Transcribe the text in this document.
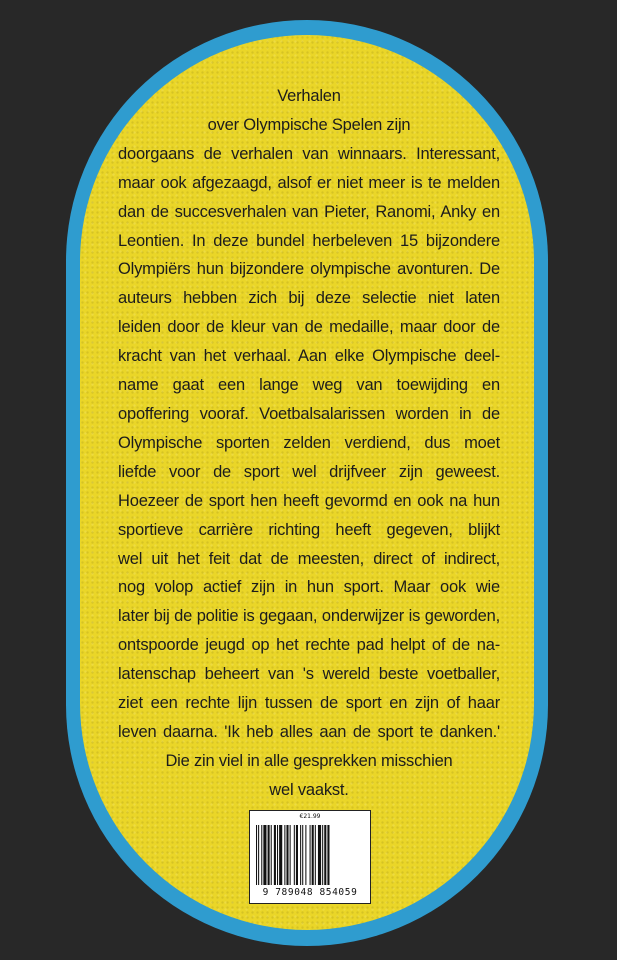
Verhalen
over Olympische Spelen zijn
doorgaans de verhalen van winnaars. Interessant,
maar ook afgezaagd, alsof er niet meer is te melden
dan de succesverhalen van Pieter, Ranomi, Anky en
Leontien. In deze bundel herbeleven 15 bijzondere
Olympiërs hun bijzondere olympische avonturen. De
auteurs hebben zich bij deze selectie niet laten
leiden door de kleur van de medaille, maar door de
kracht van het verhaal. Aan elke Olympische deel-
name gaat een lange weg van toewijding en
opoffering vooraf. Voetbalsalarissen worden in de
Olympische sporten zelden verdiend, dus moet
liefde voor de sport wel drijfveer zijn geweest.
Hoezeer de sport hen heeft gevormd en ook na hun
sportieve carrière richting heeft gegeven, blijkt
wel uit het feit dat de meesten, direct of indirect,
nog volop actief zijn in hun sport. Maar ook wie
later bij de politie is gegaan, onderwijzer is geworden,
ontspoorde jeugd op het rechte pad helpt of de na-
latenschap beheert van 's wereld beste voetballer,
ziet een rechte lijn tussen de sport en zijn of haar
leven daarna. 'Ik heb alles aan de sport te danken.'
Die zin viel in alle gesprekken misschien
wel vaakst.
€21.99
9 789048 854059
